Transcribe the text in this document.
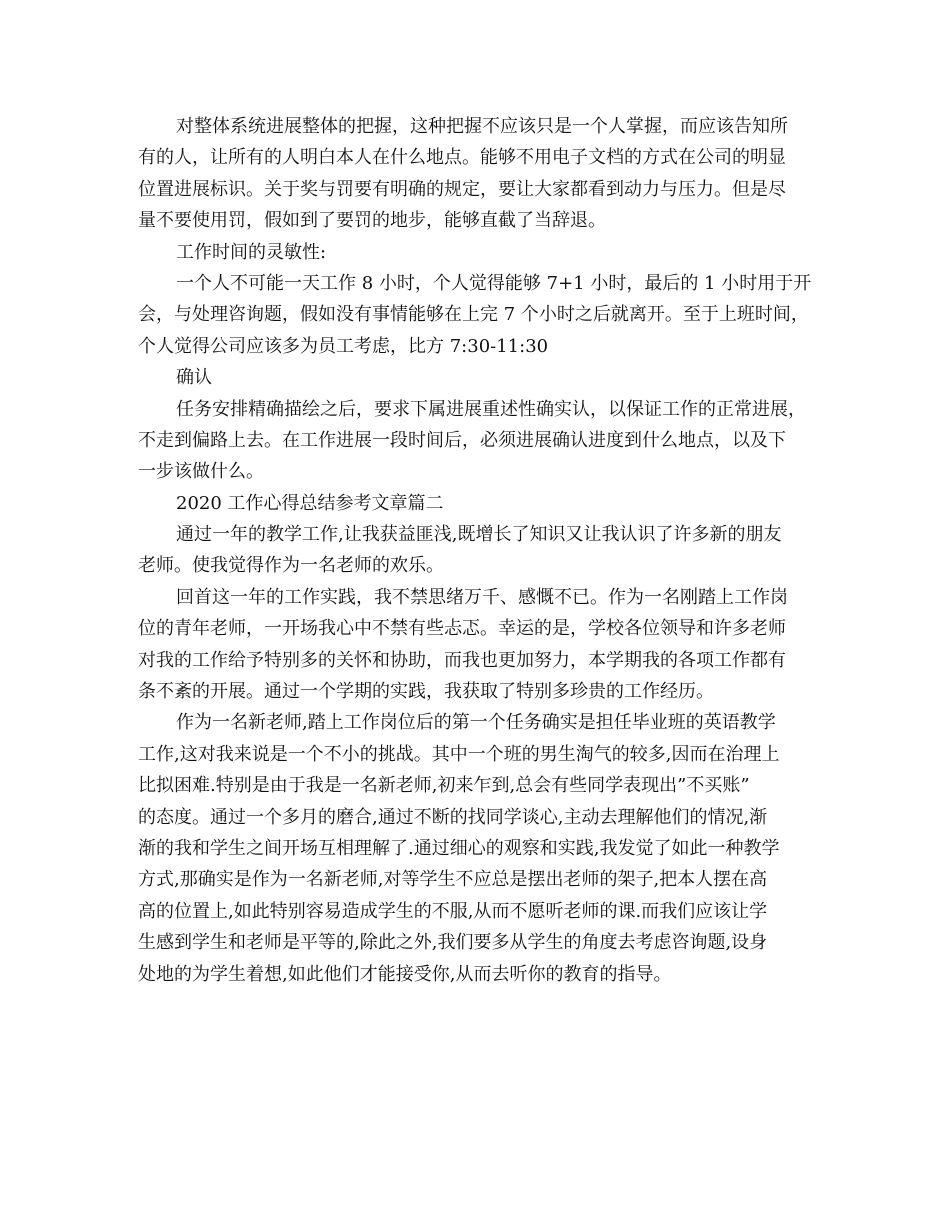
对整体系统进展整体的把握，这种把握不应该只是一个人掌握，而应该告知所
有的人，让所有的人明白本人在什么地点。能够不用电子文档的方式在公司的明显
位置进展标识。关于奖与罚要有明确的规定，要让大家都看到动力与压力。但是尽
量不要使用罚，假如到了要罚的地步，能够直截了当辞退。
工作时间的灵敏性:
一个人不可能一天工作 8 小时，个人觉得能够 7+1 小时，最后的 1 小时用于开
会，与处理咨询题，假如没有事情能够在上完 7 个小时之后就离开。至于上班时间，
个人觉得公司应该多为员工考虑，比方 7:30-11:30
确认
任务安排精确描绘之后，要求下属进展重述性确实认，以保证工作的正常进展，
不走到偏路上去。在工作进展一段时间后，必须进展确认进度到什么地点，以及下
一步该做什么。
2020 工作心得总结参考文章篇二
通过一年的教学工作,让我获益匪浅,既增长了知识又让我认识了许多新的朋友
老师。使我觉得作为一名老师的欢乐。
回首这一年的工作实践，我不禁思绪万千、感慨不已。作为一名刚踏上工作岗
位的青年老师，一开场我心中不禁有些忐忑。幸运的是，学校各位领导和许多老师
对我的工作给予特别多的关怀和协助，而我也更加努力，本学期我的各项工作都有
条不紊的开展。通过一个学期的实践，我获取了特别多珍贵的工作经历。
作为一名新老师,踏上工作岗位后的第一个任务确实是担任毕业班的英语教学
工作,这对我来说是一个不小的挑战。其中一个班的男生淘气的较多,因而在治理上
比拟困难.特别是由于我是一名新老师,初来乍到,总会有些同学表现出”不买账”
的态度。通过一个多月的磨合,通过不断的找同学谈心,主动去理解他们的情况,渐
渐的我和学生之间开场互相理解了.通过细心的观察和实践,我发觉了如此一种教学
方式,那确实是作为一名新老师,对等学生不应总是摆出老师的架子,把本人摆在高
高的位置上,如此特别容易造成学生的不服,从而不愿听老师的课.而我们应该让学
生感到学生和老师是平等的,除此之外,我们要多从学生的角度去考虑咨询题,设身
处地的为学生着想,如此他们才能接受你,从而去听你的教育的指导。
